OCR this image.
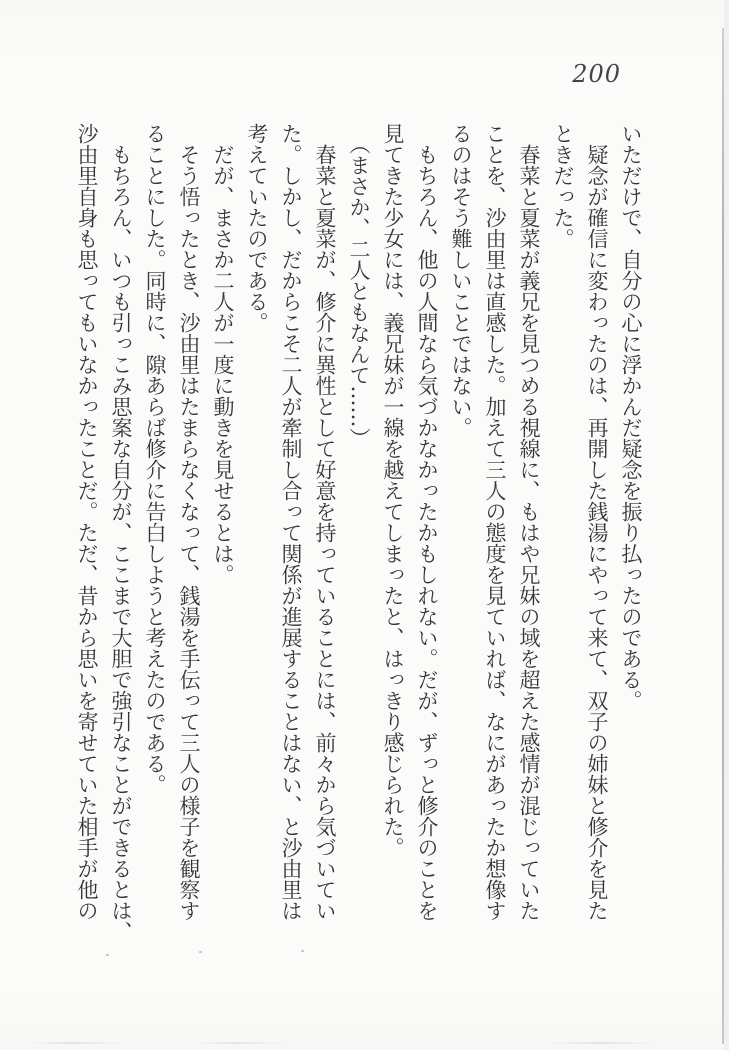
200
いただけで、自分の心に浮かんだ疑念を振り払ったのである。
　疑念が確信に変わったのは、再開した銭湯にやって来て、双子の姉妹と修介を見た
ときだった。
　春菜と夏菜が義兄を見つめる視線に、もはや兄妹の域を超えた感情が混じっていた
ことを、沙由里は直感した。加えて三人の態度を見ていれば、なにがあったか想像す
るのはそう難しいことではない。
　もちろん、他の人間なら気づかなかったかもしれない。だが、ずっと修介のことを
見てきた少女には、義兄妹が一線を越えてしまったと、はっきり感じられた。
　（まさか、二人ともなんて……）
　春菜と夏菜が、修介に異性として好意を持っていることには、前々から気づいてい
た。しかし、だからこそ二人が牽制し合って関係が進展することはない、と沙由里は
考えていたのである。
　だが、まさか二人が一度に動きを見せるとは。
　そう悟ったとき、沙由里はたまらなくなって、銭湯を手伝って三人の様子を観察す
ることにした。同時に、隙あらば修介に告白しようと考えたのである。
　もちろん、いつも引っこみ思案な自分が、ここまで大胆で強引なことができるとは、
沙由里自身も思ってもいなかったことだ。ただ、昔から思いを寄せていた相手が他の
